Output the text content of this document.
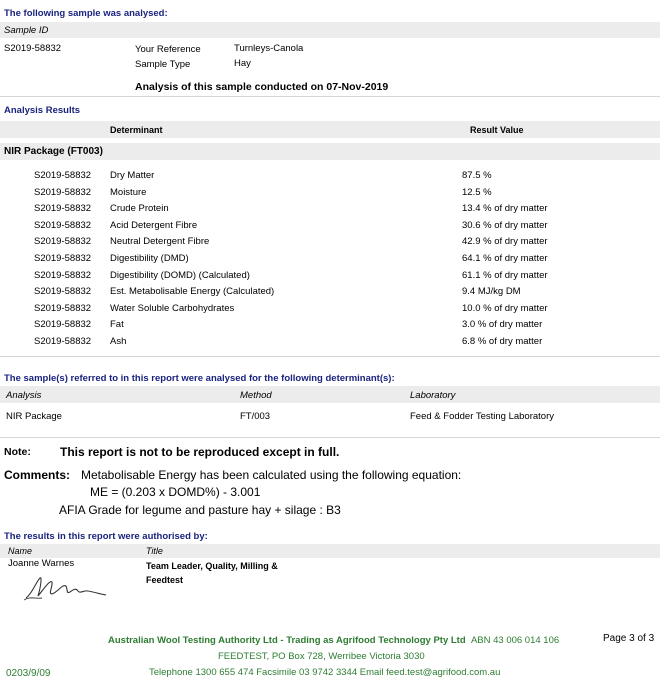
The following sample was analysed:
Sample ID
S2019-58832	Your Reference	Turnleys-Canola
Sample Type	Hay
Analysis of this sample conducted on 07-Nov-2019
Analysis Results
Determinant	Result Value
NIR Package (FT003)
S2019-58832 Dry Matter	87.5 %
S2019-58832 Moisture	12.5 %
S2019-58832 Crude Protein	13.4 % of dry matter
S2019-58832 Acid Detergent Fibre	30.6 % of dry matter
S2019-58832 Neutral Detergent Fibre	42.9 % of dry matter
S2019-58832 Digestibility (DMD)	64.1 % of dry matter
S2019-58832 Digestibility (DOMD) (Calculated)	61.1 % of dry matter
S2019-58832 Est. Metabolisable Energy (Calculated)	9.4 MJ/kg DM
S2019-58832 Water Soluble Carbohydrates	10.0 % of dry matter
S2019-58832 Fat	3.0 % of dry matter
S2019-58832 Ash	6.8 % of dry matter
The sample(s) referred to in this report were analysed for the following determinant(s):
Analysis	Method	Laboratory
NIR Package	FT/003	Feed & Fodder Testing Laboratory
Note: This report is not to be reproduced except in full.
Comments: Metabolisable Energy has been calculated using the following equation:
ME = (0.203 x DOMD%) - 3.001
AFIA Grade for legume and pasture hay + silage : B3
The results in this report were authorised by:
Name	Title
Joanne Warnes	Team Leader, Quality, Milling &
Feedtest
Australian Wool Testing Authority Ltd - Trading as Agrifood Technology Pty Ltd ABN 43 006 014 106
FEEDTEST, PO Box 728, Werribee Victoria 3030
Telephone 1300 655 474 Facsimile 03 9742 3344 Email feed.test@agrifood.com.au
Page 3 of 3
0203/9/09
